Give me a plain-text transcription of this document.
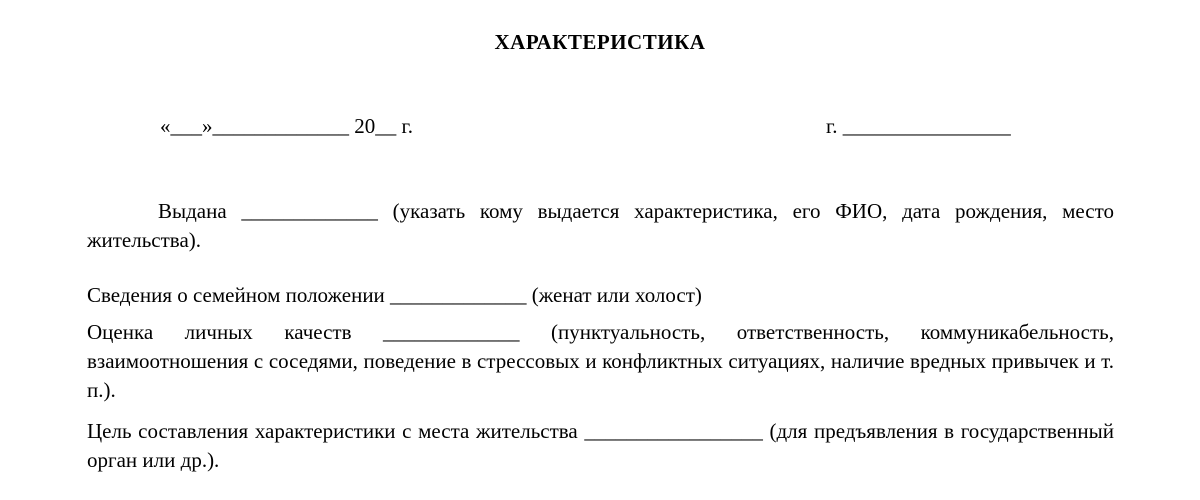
ХАРАКТЕРИСТИКА
«___»_____________ 20__ г.	г. ________________
Выдана _____________ (указать кому выдается характеристика, его ФИО, дата рождения, место жительства).
Сведения о семейном положении _____________ (женат или холост)
Оценка личных качеств _____________ (пунктуальность, ответственность, коммуникабельность, взаимоотношения с соседями, поведение в стрессовых и конфликтных ситуациях, наличие вредных привычек и т. п.).
Цель составления характеристики с места жительства _________________ (для предъявления в государственный орган или др.).
